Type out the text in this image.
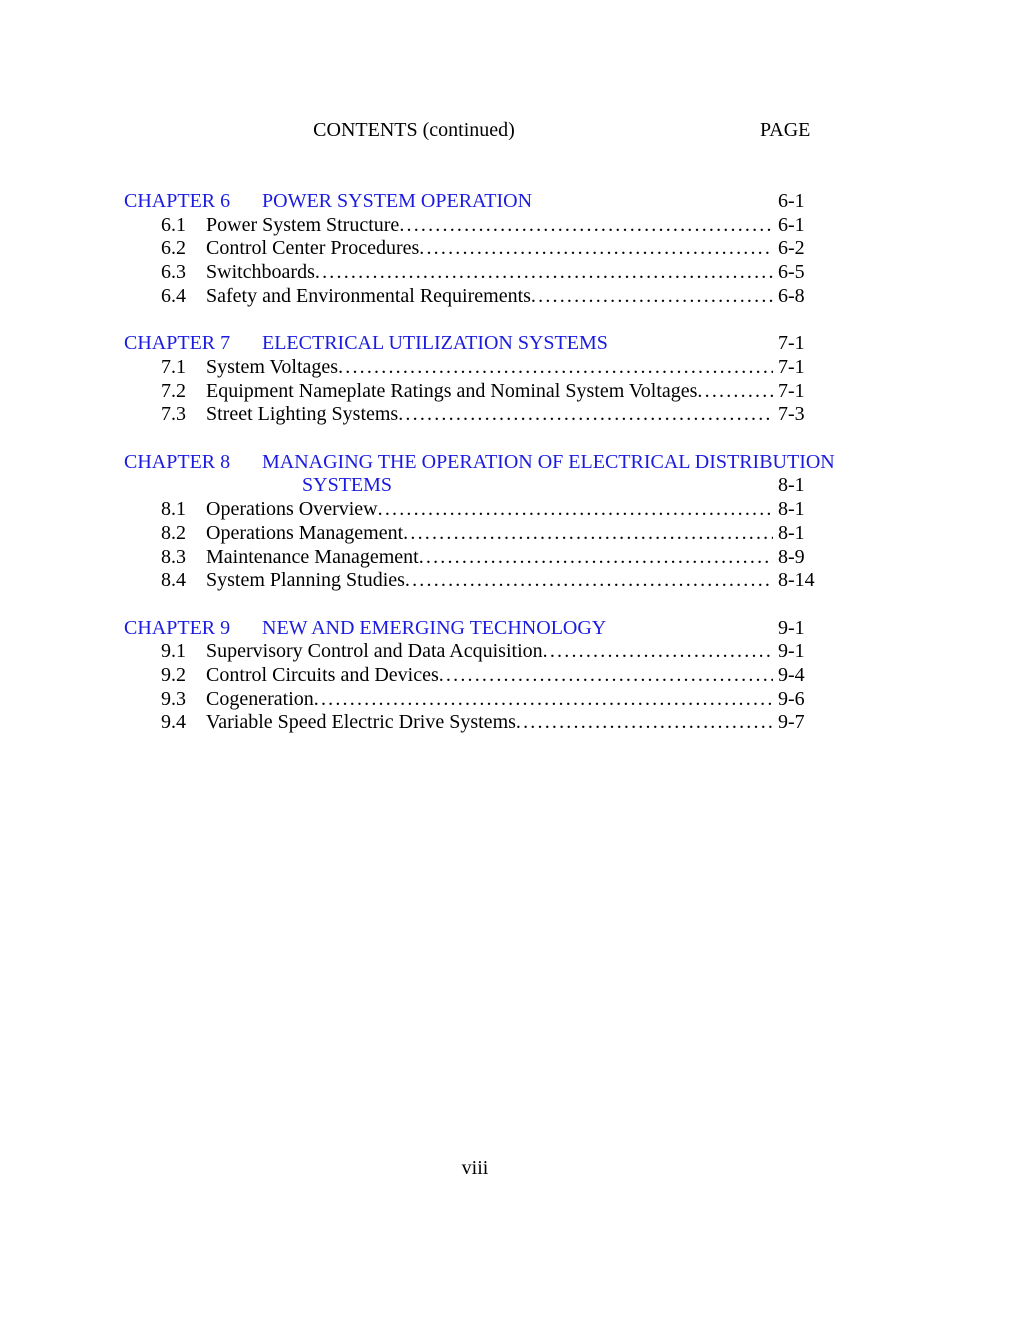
CONTENTS (continued)	PAGE
CHAPTER 6 POWER SYSTEM OPERATION	6-1
6.1	Power System Structure .....	6-1
6.2	Control Center Procedures .....	6-2
6.3	Switchboards .....	6-5
6.4	Safety and Environmental Requirements .....	6-8
CHAPTER 7 ELECTRICAL UTILIZATION SYSTEMS	7-1
7.1	System Voltages .....	7-1
7.2	Equipment Nameplate Ratings and Nominal System Voltages .....	7-1
7.3	Street Lighting Systems .....	7-3
CHAPTER 8 MANAGING THE OPERATION OF ELECTRICAL DISTRIBUTION
SYSTEMS	8-1
8.1	Operations Overview .....	8-1
8.2	Operations Management .....	8-1
8.3	Maintenance Management .....	8-9
8.4	System Planning Studies .....	8-14
CHAPTER 9 NEW AND EMERGING TECHNOLOGY	9-1
9.1	Supervisory Control and Data Acquisition .....	9-1
9.2	Control Circuits and Devices .....	9-4
9.3	Cogeneration .....	9-6
9.4	Variable Speed Electric Drive Systems .....	9-7
viii
